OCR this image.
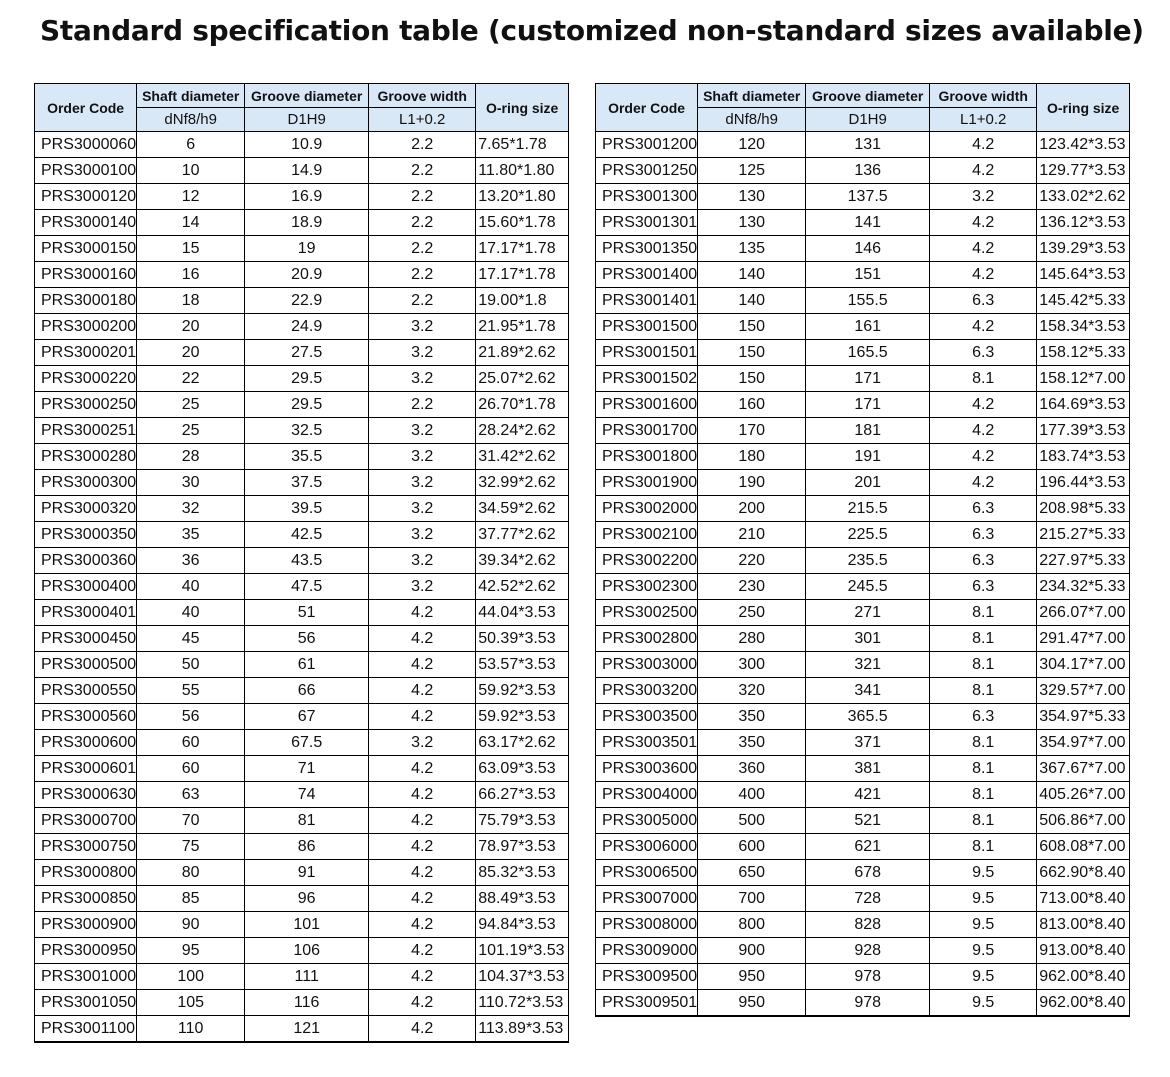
Standard specification table (customized non-standard sizes available)
Order Code	Shaft diameter	Groove diameter	Groove width	O-ring size
	dNf8/h9	D1H9	L1+0.2	
PRS3000060	6	10.9	2.2	7.65*1.78
PRS3000100	10	14.9	2.2	11.80*1.80
PRS3000120	12	16.9	2.2	13.20*1.80
PRS3000140	14	18.9	2.2	15.60*1.78
PRS3000150	15	19	2.2	17.17*1.78
PRS3000160	16	20.9	2.2	17.17*1.78
PRS3000180	18	22.9	2.2	19.00*1.8
PRS3000200	20	24.9	3.2	21.95*1.78
PRS3000201	20	27.5	3.2	21.89*2.62
PRS3000220	22	29.5	3.2	25.07*2.62
PRS3000250	25	29.5	2.2	26.70*1.78
PRS3000251	25	32.5	3.2	28.24*2.62
PRS3000280	28	35.5	3.2	31.42*2.62
PRS3000300	30	37.5	3.2	32.99*2.62
PRS3000320	32	39.5	3.2	34.59*2.62
PRS3000350	35	42.5	3.2	37.77*2.62
PRS3000360	36	43.5	3.2	39.34*2.62
PRS3000400	40	47.5	3.2	42.52*2.62
PRS3000401	40	51	4.2	44.04*3.53
PRS3000450	45	56	4.2	50.39*3.53
PRS3000500	50	61	4.2	53.57*3.53
PRS3000550	55	66	4.2	59.92*3.53
PRS3000560	56	67	4.2	59.92*3.53
PRS3000600	60	67.5	3.2	63.17*2.62
PRS3000601	60	71	4.2	63.09*3.53
PRS3000630	63	74	4.2	66.27*3.53
PRS3000700	70	81	4.2	75.79*3.53
PRS3000750	75	86	4.2	78.97*3.53
PRS3000800	80	91	4.2	85.32*3.53
PRS3000850	85	96	4.2	88.49*3.53
PRS3000900	90	101	4.2	94.84*3.53
PRS3000950	95	106	4.2	101.19*3.53
PRS3001000	100	111	4.2	104.37*3.53
PRS3001050	105	116	4.2	110.72*3.53
PRS3001100	110	121	4.2	113.89*3.53
Order Code	Shaft diameter	Groove diameter	Groove width	O-ring size
	dNf8/h9	D1H9	L1+0.2	
PRS3001200	120	131	4.2	123.42*3.53
PRS3001250	125	136	4.2	129.77*3.53
PRS3001300	130	137.5	3.2	133.02*2.62
PRS3001301	130	141	4.2	136.12*3.53
PRS3001350	135	146	4.2	139.29*3.53
PRS3001400	140	151	4.2	145.64*3.53
PRS3001401	140	155.5	6.3	145.42*5.33
PRS3001500	150	161	4.2	158.34*3.53
PRS3001501	150	165.5	6.3	158.12*5.33
PRS3001502	150	171	8.1	158.12*7.00
PRS3001600	160	171	4.2	164.69*3.53
PRS3001700	170	181	4.2	177.39*3.53
PRS3001800	180	191	4.2	183.74*3.53
PRS3001900	190	201	4.2	196.44*3.53
PRS3002000	200	215.5	6.3	208.98*5.33
PRS3002100	210	225.5	6.3	215.27*5.33
PRS3002200	220	235.5	6.3	227.97*5.33
PRS3002300	230	245.5	6.3	234.32*5.33
PRS3002500	250	271	8.1	266.07*7.00
PRS3002800	280	301	8.1	291.47*7.00
PRS3003000	300	321	8.1	304.17*7.00
PRS3003200	320	341	8.1	329.57*7.00
PRS3003500	350	365.5	6.3	354.97*5.33
PRS3003501	350	371	8.1	354.97*7.00
PRS3003600	360	381	8.1	367.67*7.00
PRS3004000	400	421	8.1	405.26*7.00
PRS3005000	500	521	8.1	506.86*7.00
PRS3006000	600	621	8.1	608.08*7.00
PRS3006500	650	678	9.5	662.90*8.40
PRS3007000	700	728	9.5	713.00*8.40
PRS3008000	800	828	9.5	813.00*8.40
PRS3009000	900	928	9.5	913.00*8.40
PRS3009500	950	978	9.5	962.00*8.40
PRS3009501	950	978	9.5	962.00*8.40
